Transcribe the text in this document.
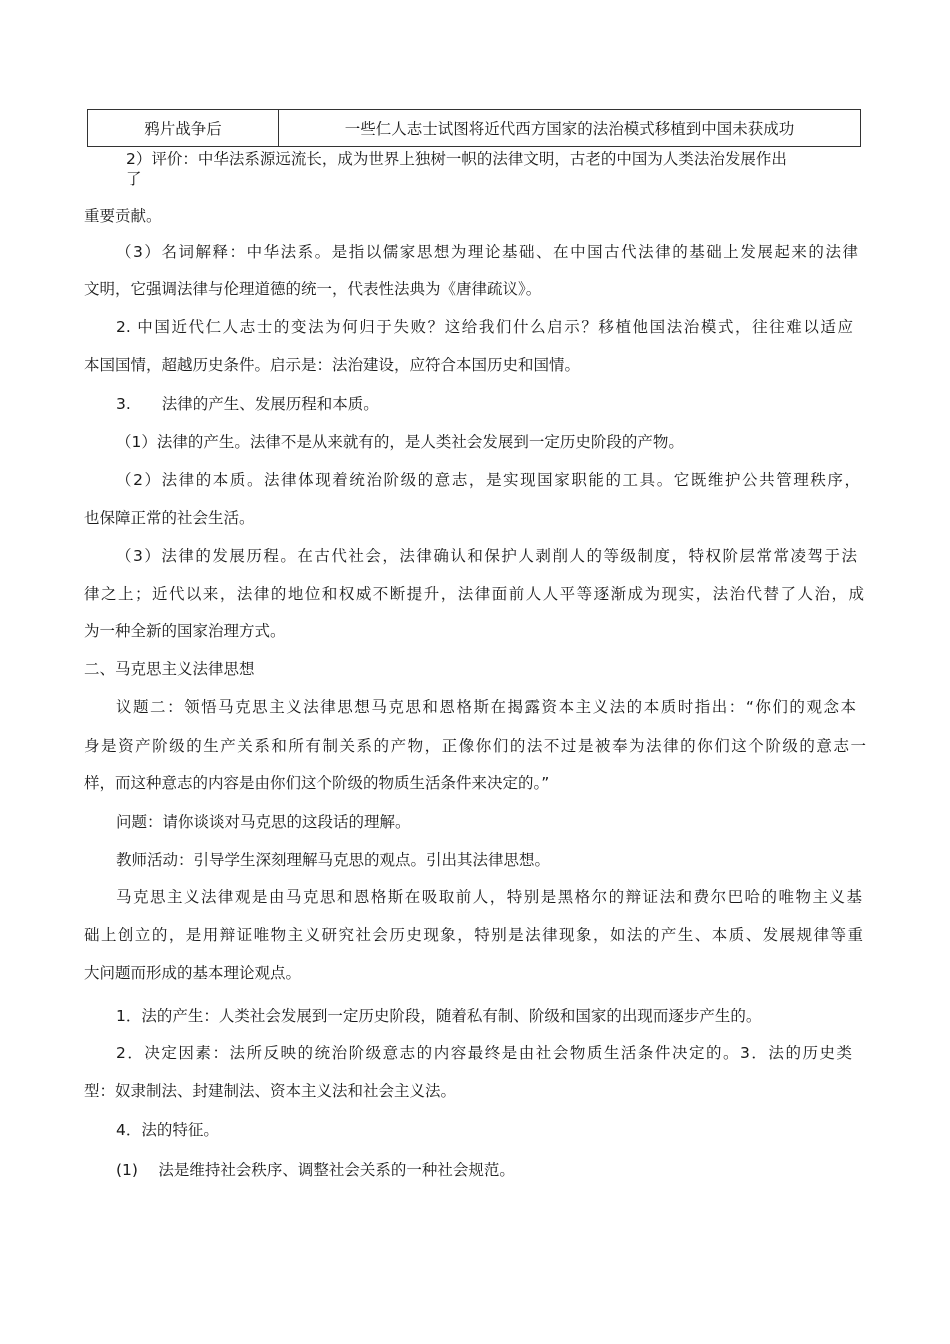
鸦片战争后	一些仁人志士试图将近代西方国家的法治模式移植到中国未获成功
2）评价：中华法系源远流长，成为世界上独树一帜的法律文明，古老的中国为人类法治发展作出
了
重要贡献。
（3）名词解释：中华法系。是指以儒家思想为理论基础、在中国古代法律的基础上发展起来的法律
文明，它强调法律与伦理道德的统一，代表性法典为《唐律疏议》。
2. 中国近代仁人志士的变法为何归于失败？这给我们什么启示？移植他国法治模式，往往难以适应
本国国情，超越历史条件。启示是：法治建设，应符合本国历史和国情。
3.　　法律的产生、发展历程和本质。
（1）法律的产生。法律不是从来就有的，是人类社会发展到一定历史阶段的产物。
（2）法律的本质。法律体现着统治阶级的意志，是实现国家职能的工具。它既维护公共管理秩序，
也保障正常的社会生活。
（3）法律的发展历程。在古代社会，法律确认和保护人剥削人的等级制度，特权阶层常常凌驾于法
律之上；近代以来，法律的地位和权威不断提升，法律面前人人平等逐渐成为现实，法治代替了人治，成
为一种全新的国家治理方式。
二、马克思主义法律思想
议题二：领悟马克思主义法律思想马克思和恩格斯在揭露资本主义法的本质时指出：“你们的观念本
身是资产阶级的生产关系和所有制关系的产物，正像你们的法不过是被奉为法律的你们这个阶级的意志一
样，而这种意志的内容是由你们这个阶级的物质生活条件来决定的。”
问题：请你谈谈对马克思的这段话的理解。
教师活动：引导学生深刻理解马克思的观点。引出其法律思想。
马克思主义法律观是由马克思和恩格斯在吸取前人，特别是黑格尔的辩证法和费尔巴哈的唯物主义基
础上创立的，是用辩证唯物主义研究社会历史现象，特别是法律现象，如法的产生、本质、发展规律等重
大问题而形成的基本理论观点。
1．法的产生：人类社会发展到一定历史阶段，随着私有制、阶级和国家的出现而逐步产生的。
2．决定因素：法所反映的统治阶级意志的内容最终是由社会物质生活条件决定的。3．法的历史类
型：奴隶制法、封建制法、资本主义法和社会主义法。
4．法的特征。
(1)　 法是维持社会秩序、调整社会关系的一种社会规范。
